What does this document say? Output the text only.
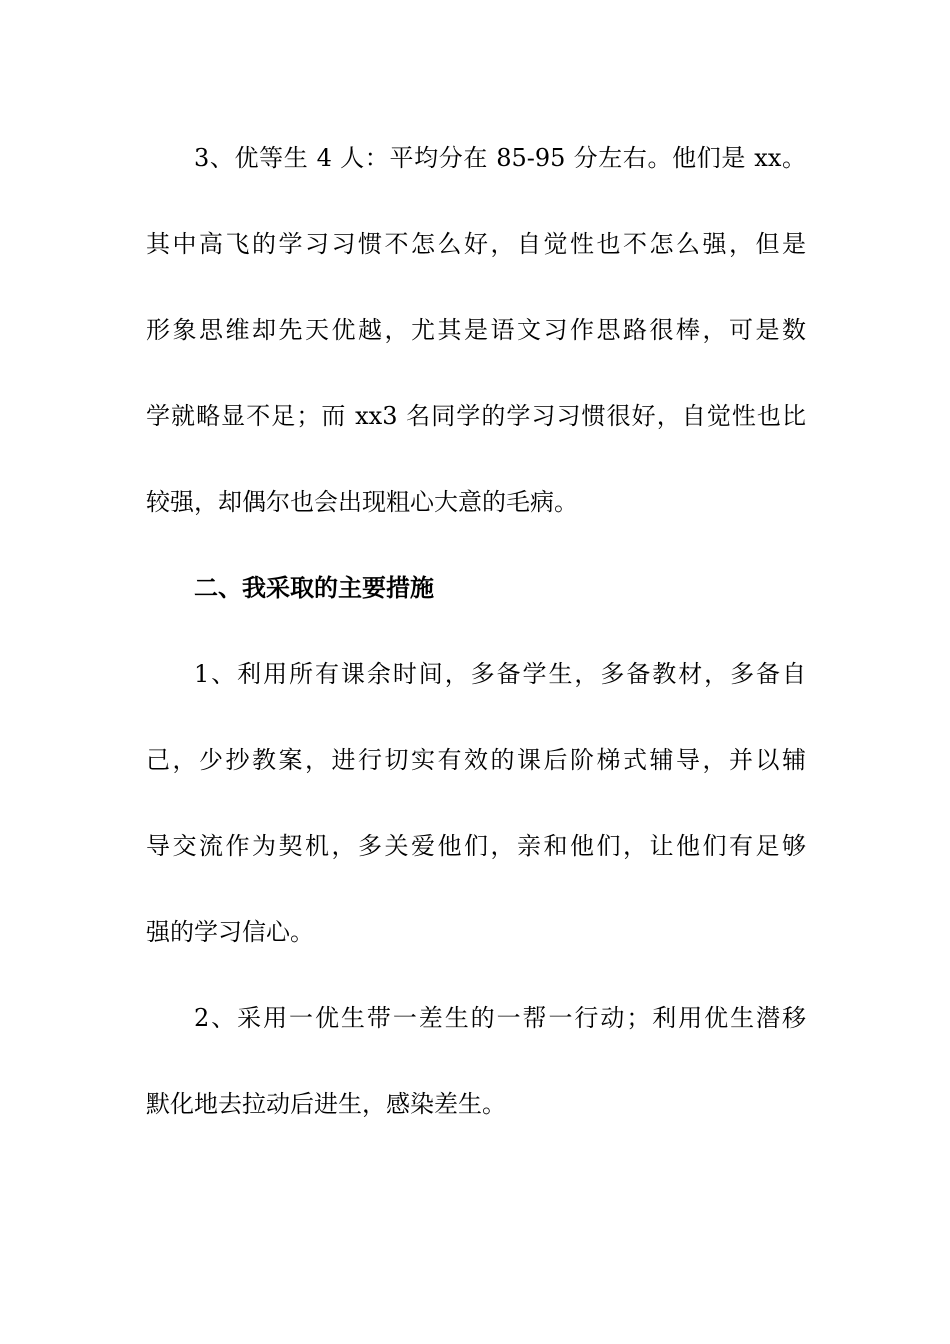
3、优等生 4 人：平均分在 85-95 分左右。他们是 xx。
其中高飞的学习习惯不怎么好，自觉性也不怎么强，但是
形象思维却先天优越，尤其是语文习作思路很棒，可是数
学就略显不足；而 xx3 名同学的学习习惯很好，自觉性也比
较强，却偶尔也会出现粗心大意的毛病。
二、我采取的主要措施
1、利用所有课余时间，多备学生，多备教材，多备自
己，少抄教案，进行切实有效的课后阶梯式辅导，并以辅
导交流作为契机，多关爱他们，亲和他们，让他们有足够
强的学习信心。
2、采用一优生带一差生的一帮一行动；利用优生潜移
默化地去拉动后进生，感染差生。
